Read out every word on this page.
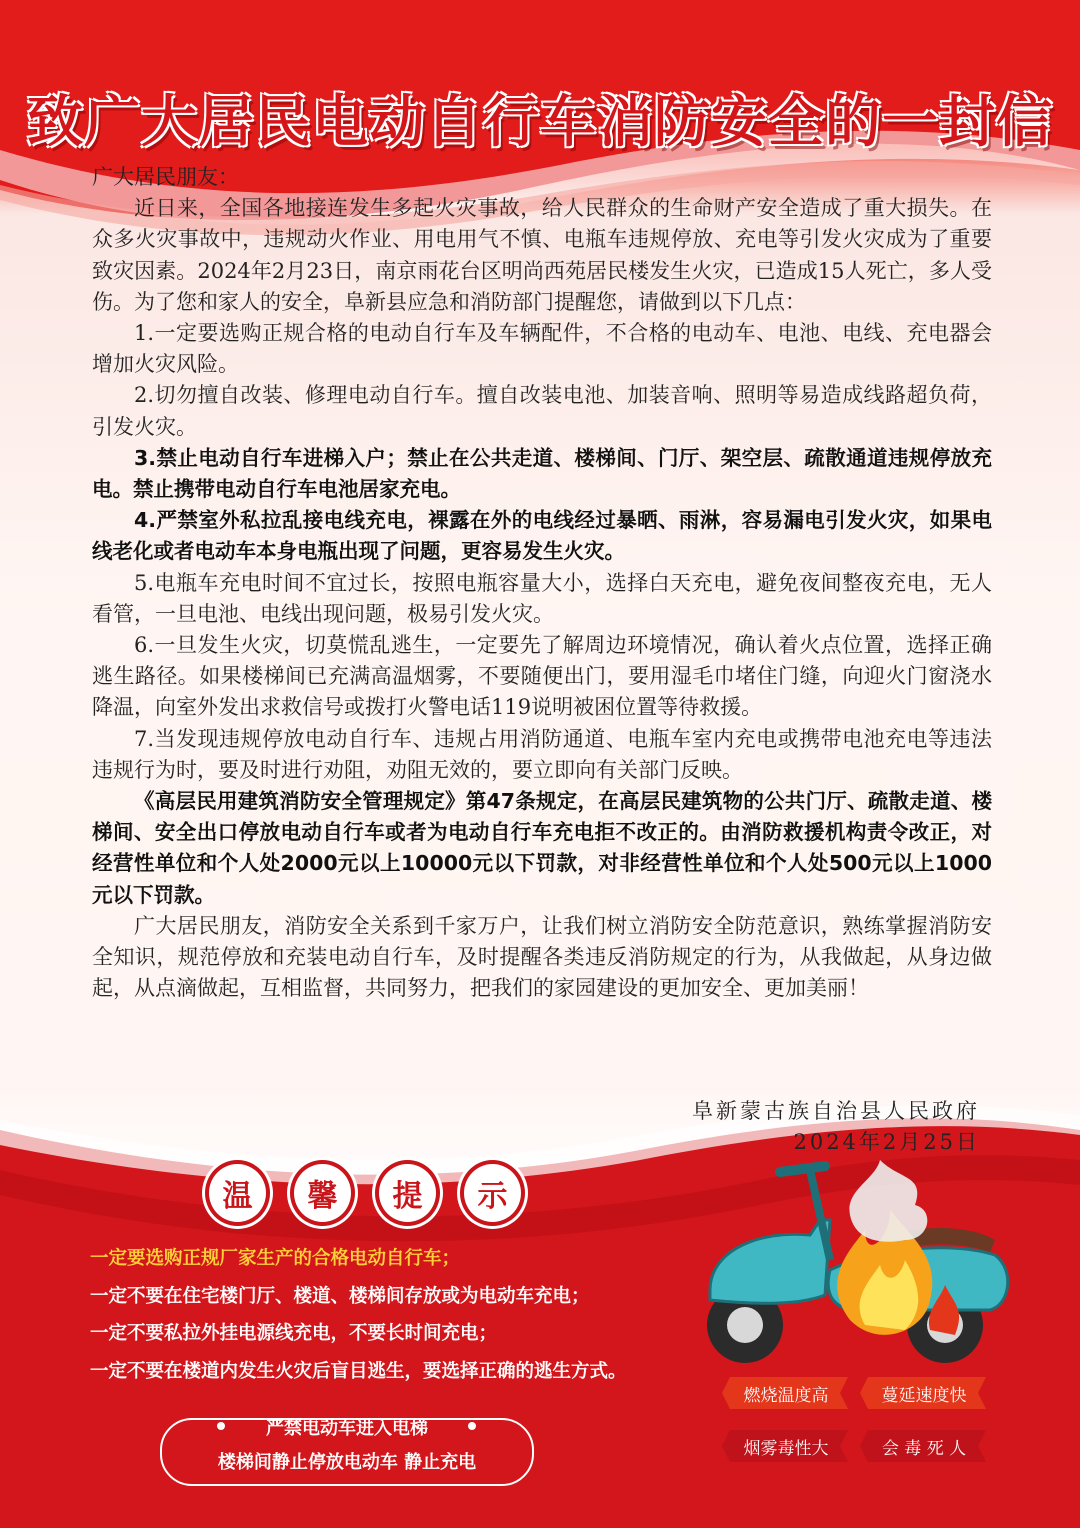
致广大居民电动自行车消防安全的一封信

广大居民朋友：

近日来，全国各地接连发生多起火灾事故，给人民群众的生命财产安全造成了重大损失。在众多火灾事故中，违规动火作业、用电用气不慎、电瓶车违规停放、充电等引发火灾成为了重要致灾因素。2024年2月23日，南京雨花台区明尚西苑居民楼发生火灾，已造成15人死亡，多人受伤。为了您和家人的安全，阜新县应急和消防部门提醒您，请做到以下几点：

1.一定要选购正规合格的电动自行车及车辆配件，不合格的电动车、电池、电线、充电器会增加火灾风险。

2.切勿擅自改装、修理电动自行车。擅自改装电池、加装音响、照明等易造成线路超负荷，引发火灾。

3.禁止电动自行车进梯入户；禁止在公共走道、楼梯间、门厅、架空层、疏散通道违规停放充电。禁止携带电动自行车电池居家充电。

4.严禁室外私拉乱接电线充电，裸露在外的电线经过暴晒、雨淋，容易漏电引发火灾，如果电线老化或者电动车本身电瓶出现了问题，更容易发生火灾。

5.电瓶车充电时间不宜过长，按照电瓶容量大小，选择白天充电，避免夜间整夜充电，无人看管，一旦电池、电线出现问题，极易引发火灾。

6.一旦发生火灾，切莫慌乱逃生，一定要先了解周边环境情况，确认着火点位置，选择正确逃生路径。如果楼梯间已充满高温烟雾，不要随便出门，要用湿毛巾堵住门缝，向迎火门窗浇水降温，向室外发出求救信号或拨打火警电话119说明被困位置等待救援。

7.当发现违规停放电动自行车、违规占用消防通道、电瓶车室内充电或携带电池充电等违法违规行为时，要及时进行劝阻，劝阻无效的，要立即向有关部门反映。

《高层民用建筑消防安全管理规定》第47条规定，在高层民建筑物的公共门厅、疏散走道、楼梯间、安全出口停放电动自行车或者为电动自行车充电拒不改正的。由消防救援机构责令改正，对经营性单位和个人处2000元以上10000元以下罚款，对非经营性单位和个人处500元以上1000元以下罚款。

广大居民朋友，消防安全关系到千家万户，让我们树立消防安全防范意识，熟练掌握消防安全知识，规范停放和充装电动自行车，及时提醒各类违反消防规定的行为，从我做起，从身边做起，从点滴做起，互相监督，共同努力，把我们的家园建设的更加安全、更加美丽！

阜新蒙古族自治县人民政府
2024年2月25日
温	馨	提	示
一定要选购正规厂家生产的合格电动自行车；
一定不要在住宅楼门厅、楼道、楼梯间存放或为电动车充电；
一定不要私拉外挂电源线充电，不要长时间充电；
一定不要在楼道内发生火灾后盲目逃生，要选择正确的逃生方式。
严禁电动车进入电梯
楼梯间静止停放电动车 静止充电
燃烧温度高	蔓延速度快
烟雾毒性大	会 毒 死 人
